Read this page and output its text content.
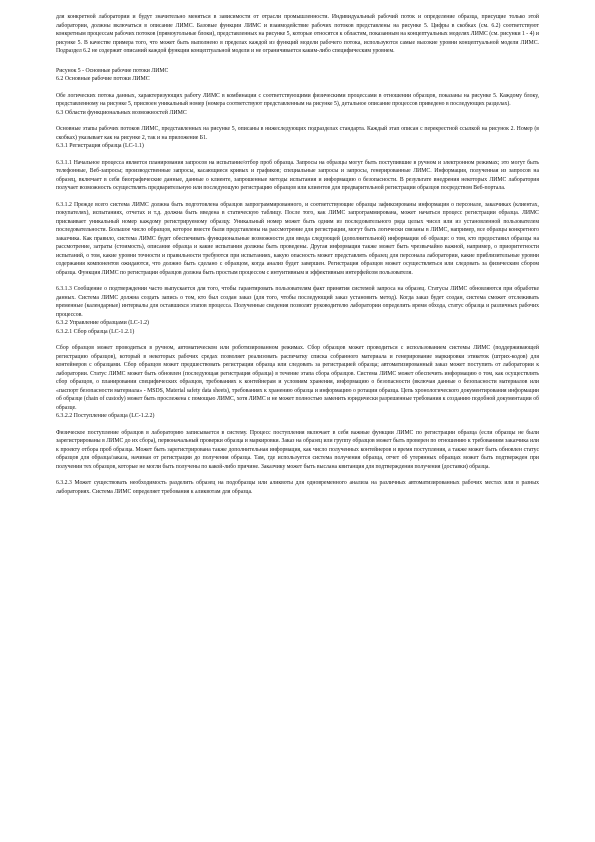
для конкретной лаборатории и будут значительно меняться в зависимости от отрасли промышленности. Индивидуальный рабочий поток и определение образца, присущие только этой лаборатории, должны включаться в описание ЛИМС. Базовые функции ЛИМС и взаимодействие рабочих потоков представлены на рисунке 5. Цифры в скобках (см. 6.2) соответствуют конкретным процессам рабочих потоков (прямоугольные блоки), представленных на рисунке 5, которые относятся к областям, показанным на концептуальных моделях ЛИМС (см. рисунки 1 - 4) и рисунке 5. В качестве примера того, что может быть выполнено в пределах каждой из функций модели рабочего потока, используются самые высокие уровни концептуальной модели ЛИМС. Подраздел 6.2 не содержит описаний каждой функции концептуальной модели и не ограничивается каким-либо специфическим уровнем.

Рисунок 5 - Основные рабочие потоки ЛИМС

6.2 Основные рабочие потоки ЛИМС

Обе логических потока данных, характеризующих работу ЛИМС в комбинации с соответствующими физическими процессами в отношении образцов, показаны на рисунке 5. Каждому блоку, представленному на рисунке 5, присвоен уникальный номер (номера соответствуют представленным на рисунке 5), детальное описание процессов приведено в последующих разделах).

6.3 Области функциональных возможностей ЛИМС

Основные этапы рабочих потоков ЛИМС, представленных на рисунке 5, описаны в нижеследующих подразделах стандарта. Каждый этап описан с перекрестной ссылкой на рисунок 2. Номер (в скобках) указывает как на рисунке 2, так и на приложение Б1.

6.3.1 Регистрация образца (LC-1.1)

6.3.1.1 Начальное процесса является планирования запросов на испытание/отбор проб образца. Запросы на образцы могут быть поступившие в ручном и электронном режимах; это могут быть телефонные, Веб-запросы; производственные запросы, касающиеся кривых и графиков; специальные запросы и запросы, генерированные ЛИМС. Информация, полученная из запросов на образец, включает в себя биографические данные, данные о клиенте, запрошенные методы испытания и информацию о безопасности. В результате внедрения некоторых ЛИМС лаборатория получает возможность осуществлять предварительную или последующую регистрацию образцов или клиентов для предварительной регистрации образцов посредством Веб-портала.

6.3.1.2 Прежде всего система ЛИМС должна быть подготовлена образцов запрограммированного, и соответствующие образцы зафиксированы информация о персонале, заказчиках (клиентах, покупателях), испытаниях, отчетах и т.д. должна быть введена в статическую таблицу. После того, как ЛИМС запрограммирована, может начаться процесс регистрации образца. ЛИМС присваивает уникальный номер каждому регистрируемому образцу. Уникальный номер может быть одним из последовательного ряда целых чисел или из установленной пользователем последовательности. Большое число образцов, которое вместе были представлены на рассмотрение для регистрации, могут быть логически связаны в ЛИМС, например, все образцы конкретного заказчика. Как правило, система ЛИМС будет обеспечивать функциональные возможности для ввода следующей (дополнительной) информации об образце: о том, кто предоставил образцы на рассмотрение, затраты (стоимость), описание образца и какие испытания должны быть проведены. Другая информация также может быть чрезвычайно важной, например, о приоритетности испытаний, о том, какие уровни точности и правильности требуются при испытаниях, какую опасность может представлять образец для персонала лаборатории, какие приблизительные уровни содержания компонентов ожидаются, что должно быть сделано с образцом, когда анализ будет завершен. Регистрация образцов может осуществляться или следовать за физическим сбором образца. Функция ЛИМС по регистрации образцов должна быть простым процессом с интуитивным и эффективным интерфейсом пользователя.

6.3.1.3 Сообщение о подтверждении часто выпускается для того, чтобы гарантировать пользователям факт принятия системой запроса на образец. Статусы ЛИМС обновляются при обработке данных. Система ЛИМС должна создать запись о том, кто был создан заказ (для того, чтобы последующий заказ установить метод). Когда заказ будет создан, система сможет отслеживать временные (календарные) интервалы для оставшихся этапов процесса. Полученные сведения позволят руководителю лаборатории определить время обхода, статус образца и различных рабочих процессов.

6.3.2 Управление образцами (LC-1.2)

6.3.2.1 Сбор образца (LC-1.2.1)

Сбор образцов может проводиться в ручном, автоматическом или роботизированном режимах. Сбор образцов может проводиться с использованием системы ЛИМС (поддерживающей регистрацию образцов), который в некоторых рабочих средах позволяет реализовать распечатку списка собранного материала и генерирование маркировки этикеток (штрих-кодов) для контейнеров с образцами. Сбор образцов может предшествовать регистрации образца или следовать за регистрацией образца; автоматизированный заказ может поступить от лаборатории к лаборатории. Статус ЛИМС может быть обновлен (последующая регистрация образца) в течение этапа сбора образцов. Система ЛИМС может обеспечить информацию о том, как осуществлять сбор образцов, о планировании специфических образцов, требованиях к контейнерам и условиям хранения, информацию о безопасности (включая данные о безопасности материалов или «паспорт безопасности материала» - MSDS, Material safety data sheets), требованиях к хранению образца и информацию о ротации образца. Цепь хронологического документирования информации об образце (chain of custody) может быть прослежена с помощью ЛИМС, хотя ЛИМС и не может полностью заменить юридически разрешенные требования к созданию подобной документации об образце.

6.3.2.2 Поступление образца (LC-1.2.2)

Физическое поступление образцов в лабораторию записывается в систему. Процесс поступления включает в себя важные функции ЛИМС по регистрации образца (если образцы не были зарегистрированы в ЛИМС до их сбора), первоначальный проверки образца и маркировки. Заказ на образец или группу образцов может быть проверен по отношению к требованиям заказчика или к проекту отбора проб образца. Может быть зарегистрирована также дополнительная информация, как число полученных контейнеров и время поступления, а также может быть обновлен статус образцов для образца/заказа, начиная от регистрации до получения образца. Там, где используется система получения образца, отчет об утерянных образцах может быть подтвержден при получении тех образцов, которые не могли быть получены по какой-либо причине. Заказчику может быть выслана квитанция для подтверждения получения (доставки) образца.

6.3.2.3 Может существовать необходимость разделить образец на подобразцы или аликвоты для одновременного анализа на различных автоматизированных рабочих местах или в разных лабораториях. Система ЛИМС определяет требования к аликвотам для образца.
